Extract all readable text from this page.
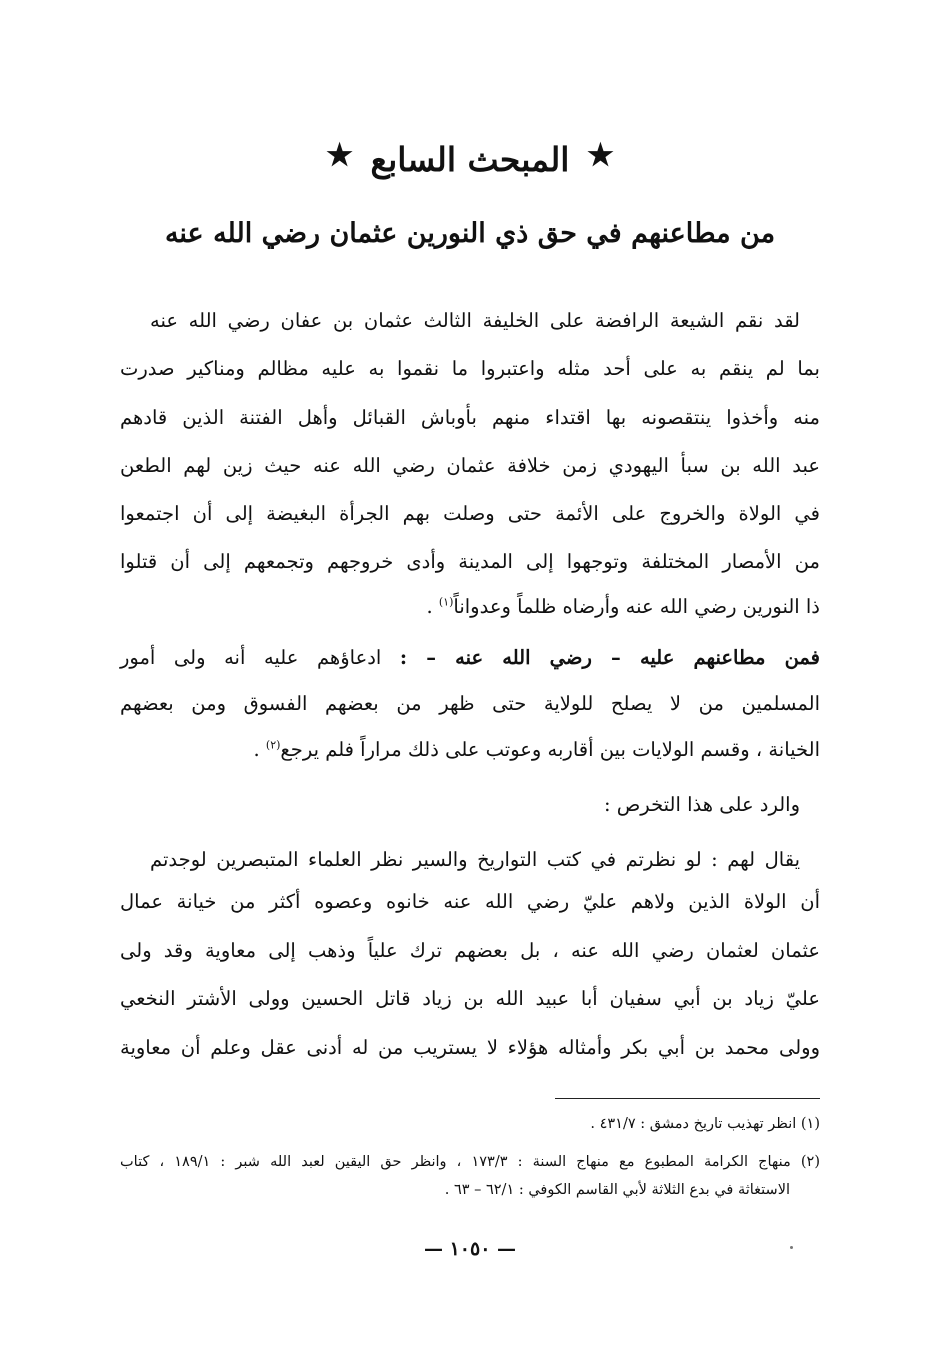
★ المبحث السابع ★
من مطاعنهم في حق ذي النورين عثمان رضي الله عنه
لقد نقم الشيعة الرافضة على الخليفة الثالث عثمان بن عفان رضي الله عنه
بما لم ينقم به على أحد مثله واعتبروا ما نقموا به عليه مظالم ومناكير صدرت
منه وأخذوا ينتقصونه بها اقتداء منهم بأوباش القبائل وأهل الفتنة الذين قادهم
عبد الله بن سبأ اليهودي زمن خلافة عثمان رضي الله عنه حيث زين لهم الطعن
في الولاة والخروج على الأئمة حتى وصلت بهم الجرأة البغيضة إلى أن اجتمعوا
من الأمصار المختلفة وتوجهوا إلى المدينة وأدى خروجهم وتجمعهم إلى أن قتلوا
ذا النورين رضي الله عنه وأرضاه ظلماً وعدواناً$^{(١)}$ .
فمن مطاعنهم عليه – رضي الله عنه – : ادعاؤهم عليه أنه ولى أمور
المسلمين من لا يصلح للولاية حتى ظهر من بعضهم الفسوق ومن بعضهم
الخيانة ، وقسم الولايات بين أقاربه وعوتب على ذلك مراراً فلم يرجع$^{(٢)}$ .
والرد على هذا التخرص :
يقال لهم : لو نظرتم في كتب التواريخ والسير نظر العلماء المتبصرين لوجدتم
أن الولاة الذين ولاهم عليّ رضي الله عنه خانوه وعصوه أكثر من خيانة عمال
عثمان لعثمان رضي الله عنه ، بل بعضهم ترك علياً وذهب إلى معاوية وقد ولى
عليّ زياد بن أبي سفيان أبا عبيد الله بن زياد قاتل الحسين وولى الأشتر النخعي
وولى محمد بن أبي بكر وأمثاله هؤلاء لا يستريب من له أدنى عقل وعلم أن معاوية
(١) انظر تهذيب تاريخ دمشق : ٤٣١/٧ .
(٢) منهاج الكرامة المطبوع مع منهاج السنة : ١٧٣/٣ ، وانظر حق اليقين لعبد الله شبر : ١٨٩/١ ، كتاب
الاستغاثة في بدع الثلاثة لأبي القاسم الكوفي : ٦٢/١ – ٦٣ .
— ١٠٥٠ —
